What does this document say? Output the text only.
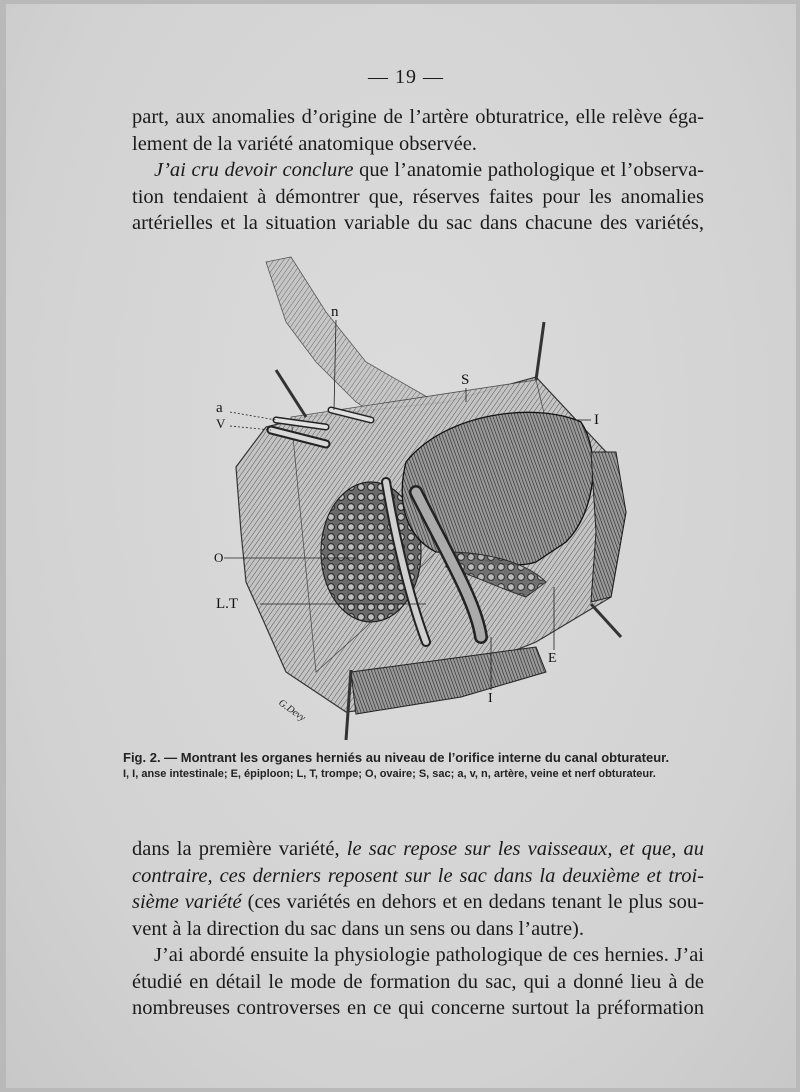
— 19 —
part, aux anomalies d’origine de l’artère obturatrice, elle relève éga-
lement de la variété anatomique observée.
J’ai cru devoir conclure que l’anatomie pathologique et l’observa-
tion tendaient à démontrer que, réserves faites pour les anomalies
artérielles et la situation variable du sac dans chacune des variétés,
n
S
I
a
V
O
L.T
E
I
G.Devy
Fig. 2. — Montrant les organes herniés au niveau de l’orifice interne du canal obturateur.
I, I, anse intestinale; E, épiploon; L, T, trompe; O, ovaire; S, sac; a, v, n, artère, veine et nerf obturateur.
dans la première variété, le sac repose sur les vaisseaux, et que, au
contraire, ces derniers reposent sur le sac dans la deuxième et troi-
sième variété (ces variétés en dehors et en dedans tenant le plus sou-
vent à la direction du sac dans un sens ou dans l’autre).
J’ai abordé ensuite la physiologie pathologique de ces hernies. J’ai
étudié en détail le mode de formation du sac, qui a donné lieu à de
nombreuses controverses en ce qui concerne surtout la préformation
